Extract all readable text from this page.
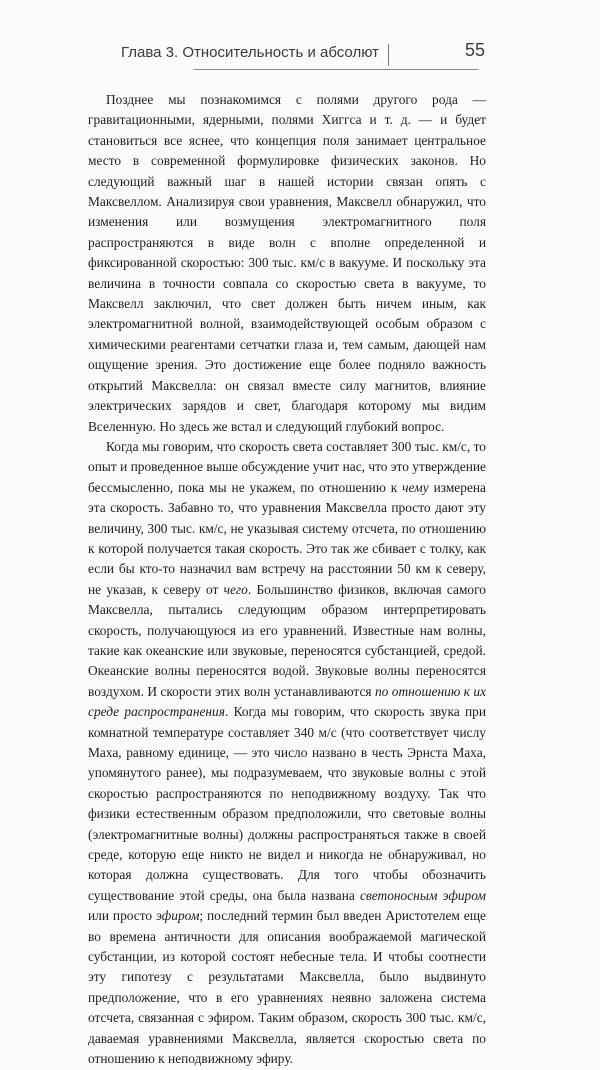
Глава 3. Относительность и абсолют	55

Позднее мы познакомимся с полями другого рода — гравитационными, ядерными, полями Хиггса и т. д. — и будет становиться все яснее, что концепция поля занимает центральное место в современной формулировке физических законов. Но следующий важный шаг в нашей истории связан опять с Максвеллом. Анализируя свои уравнения, Максвелл обнаружил, что изменения или возмущения электромагнитного поля распространяются в виде волн с вполне определенной и фиксированной скоростью: 300 тыс. км/с в вакууме. И поскольку эта величина в точности совпала со скоростью света в вакууме, то Максвелл заключил, что свет должен быть ничем иным, как электромагнитной волной, взаимодействующей особым образом с химическими реагентами сетчатки глаза и, тем самым, дающей нам ощущение зрения. Это достижение еще более подняло важность открытий Максвелла: он связал вместе силу магнитов, влияние электрических зарядов и свет, благодаря которому мы видим Вселенную. Но здесь же встал и следующий глубокий вопрос.

Когда мы говорим, что скорость света составляет 300 тыс. км/с, то опыт и проведенное выше обсуждение учит нас, что это утверждение бессмысленно, пока мы не укажем, по отношению к чему измерена эта скорость. Забавно то, что уравнения Максвелла просто дают эту величину, 300 тыс. км/с, не указывая систему отсчета, по отношению к которой получается такая скорость. Это так же сбивает с толку, как если бы кто-то назначил вам встречу на расстоянии 50 км к северу, не указав, к северу от чего. Большинство физиков, включая самого Максвелла, пытались следующим образом интерпретировать скорость, получающуюся из его уравнений. Известные нам волны, такие как океанские или звуковые, переносятся субстанцией, средой. Океанские волны переносятся водой. Звуковые волны переносятся воздухом. И скорости этих волн устанавливаются по отношению к их среде распространения. Когда мы говорим, что скорость звука при комнатной температуре составляет 340 м/с (что соответствует числу Маха, равному единице, — это число названо в честь Эрнста Маха, упомянутого ранее), мы подразумеваем, что звуковые волны с этой скоростью распространяются по неподвижному воздуху. Так что физики естественным образом предположили, что световые волны (электромагнитные волны) должны распространяться также в своей среде, которую еще никто не видел и никогда не обнаруживал, но которая должна существовать. Для того чтобы обозначить существование этой среды, она была названа светоносным эфиром или просто эфиром; последний термин был введен Аристотелем еще во времена античности для описания воображаемой магической субстанции, из которой состоят небесные тела. И чтобы соотнести эту гипотезу с результатами Максвелла, было выдвинуто предположение, что в его уравнениях неявно заложена система отсчета, связанная с эфиром. Таким образом, скорость 300 тыс. км/с, даваемая уравнениями Максвелла, является скоростью света по отношению к неподвижному эфиру.
